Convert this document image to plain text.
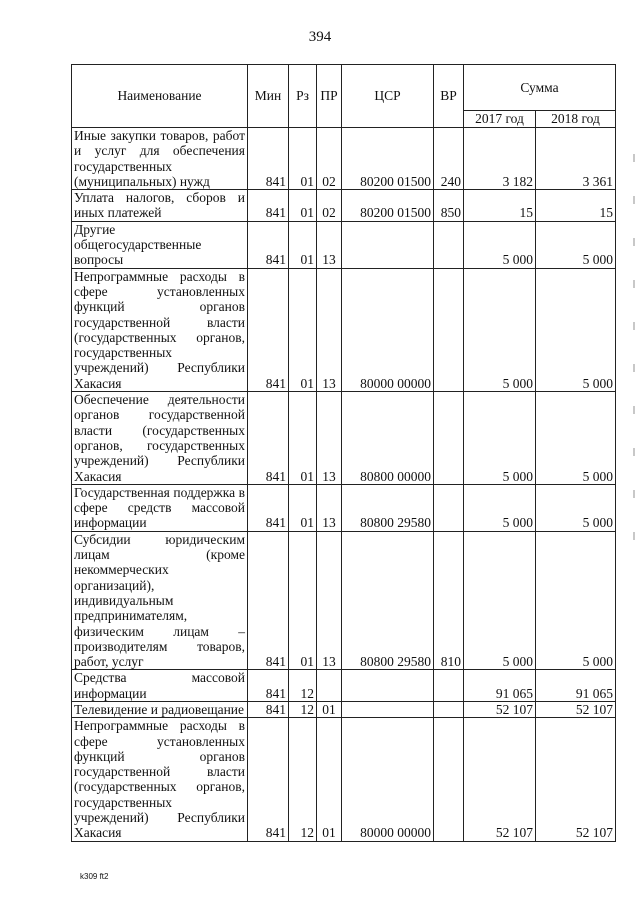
394
Наименование	Мин	Рз	ПР	ЦСР	ВР	Сумма	
						2017 год	2018 год

Иные закупки товаров, работ и услуг для обеспечения государственных (муниципальных) нужд	841	01	02	80200 01500	240	3 182	3 361

Уплата налогов, сборов и иных платежей	841	01	02	80200 01500	850	15	15

Другие общегосударственные вопросы	841	01	13			5 000	5 000

Непрограммные расходы в сфере установленных функций органов государственной власти (государственных органов, государственных учреждений) Республики Хакасия	841	01	13	80000 00000		5 000	5 000

Обеспечение деятельности органов государственной власти (государственных органов, государственных учреждений) Республики Хакасия	841	01	13	80800 00000		5 000	5 000

Государственная поддержка в сфере средств массовой информации	841	01	13	80800 29580		5 000	5 000

Субсидии юридическим лицам (кроме некоммерческих организаций), индивидуальным предпринимателям, физическим лицам – производителям товаров, работ, услуг	841	01	13	80800 29580	810	5 000	5 000

Средства массовой информации	841	12				91 065	91 065

Телевидение и радиовещание	841	12	01			52 107	52 107

Непрограммные расходы в сфере установленных функций органов государственной власти (государственных органов, государственных учреждений) Республики Хакасия	841	12	01	80000 00000		52 107	52 107
k309 ft2
